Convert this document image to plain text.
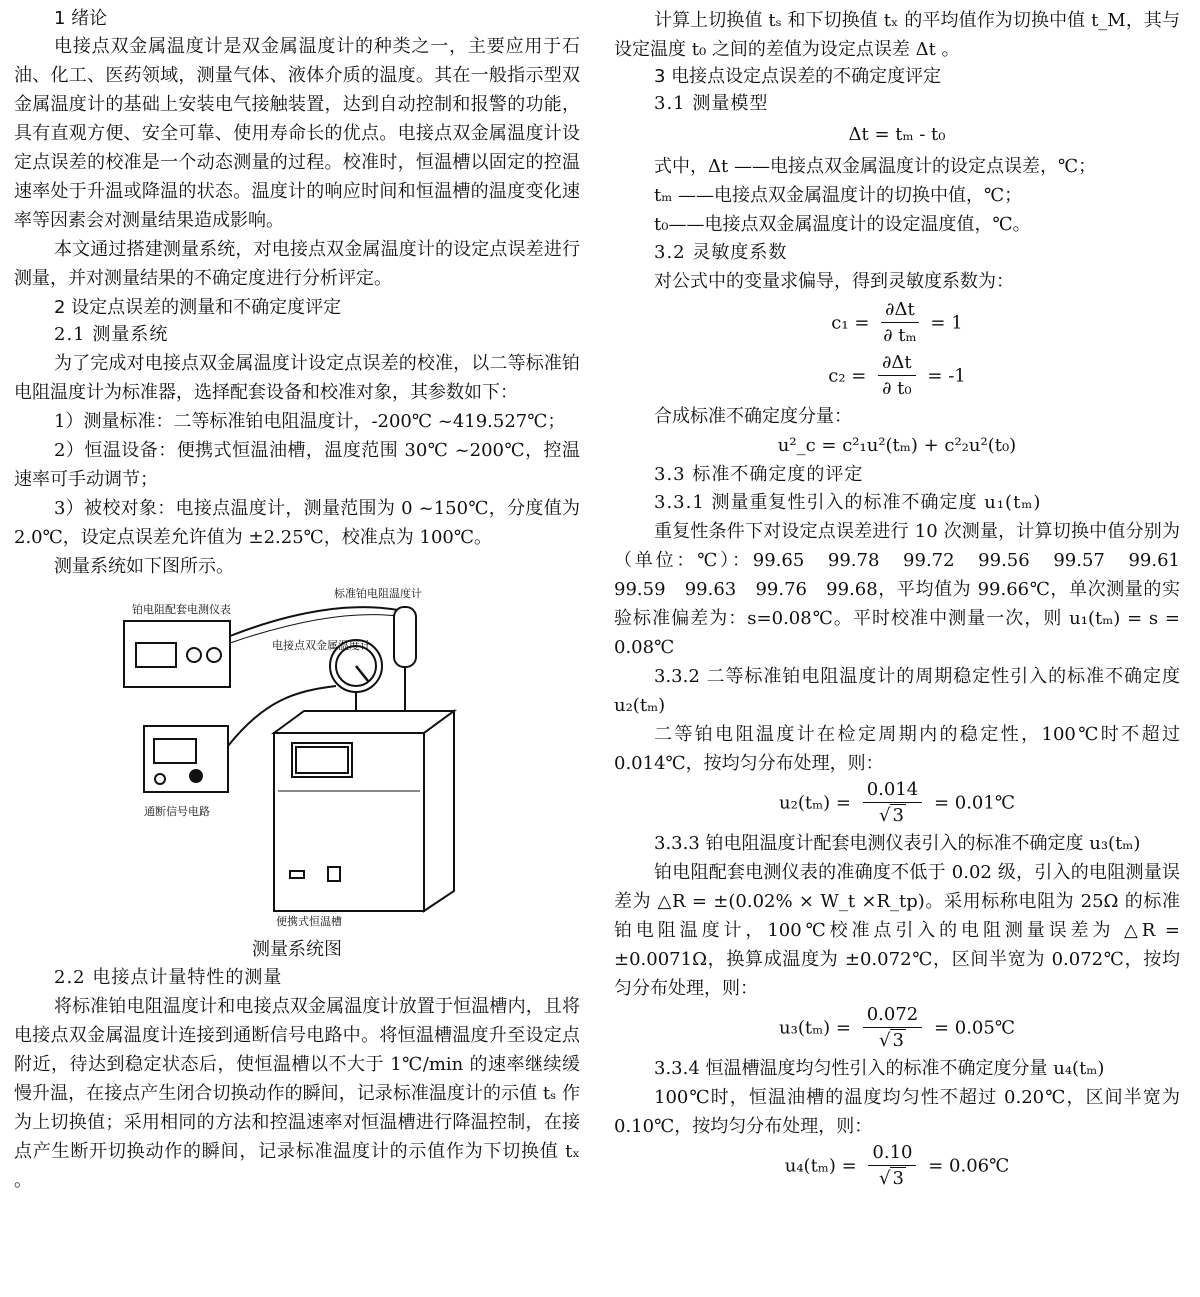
1 绪论

电接点双金属温度计是双金属温度计的种类之一，主要应用于石油、化工、医药领域，测量气体、液体介质的温度。其在一般指示型双金属温度计的基础上安装电气接触装置，达到自动控制和报警的功能，具有直观方便、安全可靠、使用寿命长的优点。电接点双金属温度计设定点误差的校准是一个动态测量的过程。校准时，恒温槽以固定的控温速率处于升温或降温的状态。温度计的响应时间和恒温槽的温度变化速率等因素会对测量结果造成影响。

本文通过搭建测量系统，对电接点双金属温度计的设定点误差进行测量，并对测量结果的不确定度进行分析评定。

2 设定点误差的测量和不确定度评定

2.1 测量系统

为了完成对电接点双金属温度计设定点误差的校准，以二等标准铂电阻温度计为标准器，选择配套设备和校准对象，其参数如下：

1）测量标准：二等标准铂电阻温度计，-200℃ ~419.527℃；

2）恒温设备：便携式恒温油槽，温度范围 30℃ ~200℃，控温速率可手动调节；

3）被校对象：电接点温度计，测量范围为 0 ~150℃，分度值为 2.0℃，设定点误差允许值为 ±2.25℃，校准点为 100℃。

测量系统如下图所示。

标准铂电阻温度计
铂电阻配套电测仪表
电接点双金属温度计
通断信号电路
便携式恒温槽

测量系统图

2.2 电接点计量特性的测量

将标准铂电阻温度计和电接点双金属温度计放置于恒温槽内，且将电接点双金属温度计连接到通断信号电路中。将恒温槽温度升至设定点附近，待达到稳定状态后，使恒温槽以不大于 1℃/min 的速率继续缓慢升温，在接点产生闭合切换动作的瞬间，记录标准温度计的示值 tₛ 作为上切换值；采用相同的方法和控温速率对恒温槽进行降温控制，在接点产生断开切换动作的瞬间，记录标准温度计的示值作为下切换值 tₓ 。

计算上切换值 tₛ 和下切换值 tₓ 的平均值作为切换中值 t_M，其与设定温度 t₀ 之间的差值为设定点误差 Δt 。

3 电接点设定点误差的不确定度评定

3.1 测量模型

Δt = tₘ - t₀

式中，Δt ——电接点双金属温度计的设定点误差，℃；

tₘ ——电接点双金属温度计的切换中值，℃；

t₀——电接点双金属温度计的设定温度值，℃。

3.2 灵敏度系数

对公式中的变量求偏导，得到灵敏度系数为：

$c_1 = \frac{\partial\Delta t}{\text{∂ tₘ}} = 1$
$c_2 = \frac{\partial\Delta t}{\text{∂ t₀}} = -1$

合成标准不确定度分量：

u²_c = c²₁u²(tₘ) + c²₂u²(t₀)

3.3 标准不确定度的评定

3.3.1 测量重复性引入的标准不确定度 u₁(tₘ)

重复性条件下对设定点误差进行 10 次测量，计算切换中值分别为（单位：℃）：99.65　99.78　99.72　99.56　99.57　99.61　99.59　99.63　99.76　99.68，平均值为 99.66℃，单次测量的实验标准偏差为：s=0.08℃。平时校准中测量一次，则 u₁(tₘ) = s = 0.08℃

3.3.2 二等标准铂电阻温度计的周期稳定性引入的标准不确定度 u₂(tₘ)

二等铂电阻温度计在检定周期内的稳定性，100℃时不超过 0.014℃，按均匀分布处理，则：

$u_2(t_m) = \frac{0.014}{√ 3}$ = 0.01℃

3.3.3 铂电阻温度计配套电测仪表引入的标准不确定度 u₃(tₘ)

铂电阻配套电测仪表的准确度不低于 0.02 级，引入的电阻测量误差为 △R = ±(0.02% × W_t ×R_tp)。采用标称电阻为 25Ω 的标准铂电阻温度计，100℃校准点引入的电阻测量误差为 △R = ±0.0071Ω，换算成温度为 ±0.072℃，区间半宽为 0.072℃，按均匀分布处理，则：

$u_3(t_m) = \frac{0.072}{√ 3}$ = 0.05℃

3.3.4 恒温槽温度均匀性引入的标准不确定度分量 u₄(tₘ)

100℃时，恒温油槽的温度均匀性不超过 0.20℃，区间半宽为 0.10℃，按均匀分布处理，则：

$u_4(t_m) = \frac{0.10}{√ 3}$ = 0.06℃
